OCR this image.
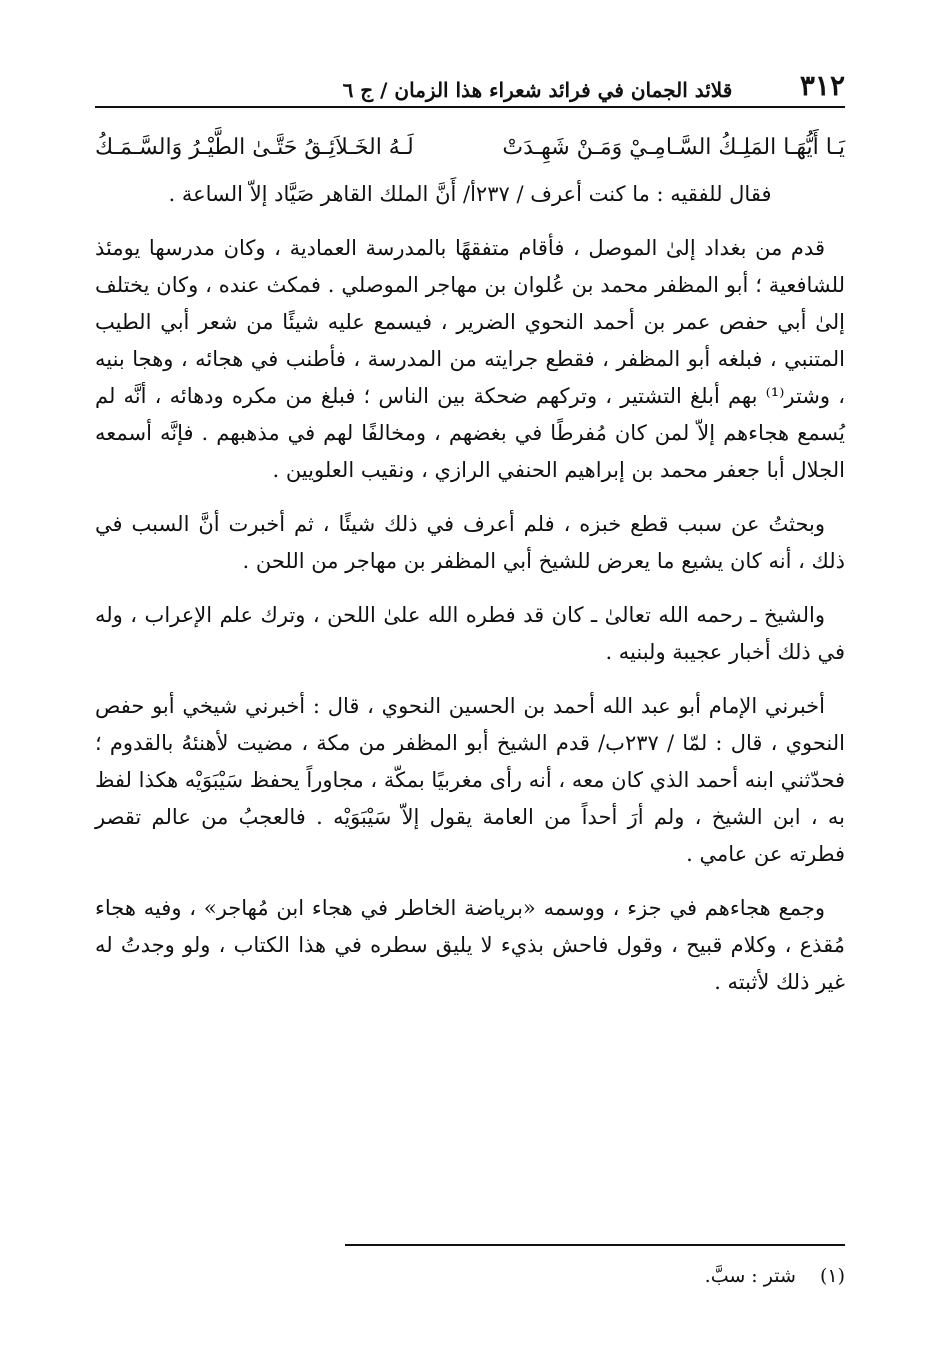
٣١٢
قلائد الجمان في فرائد شعراء هذا الزمان / ج ٦
يَـا أَيُّهَـا المَلِـكُ السَّـامِـيْ وَمَـنْ شَهِـدَتْ
لَـهُ الخَـلاَئِـقُ حَتَّـىٰ الطَّيْـرُ وَالسَّـمَـكُ

فقال للفقيه : ما كنت أعرف / ٢٣٧أ/ أَنَّ الملك القاهر صَيَّاد إلاّ الساعة .

قدم من بغداد إلىٰ الموصل ، فأقام متفقهًا بالمدرسة العمادية ، وكان مدرسها يومئذ للشافعية ؛ أبو المظفر محمد بن عُلوان بن مهاجر الموصلي . فمكث عنده ، وكان يختلف إلىٰ أبي حفص عمر بن أحمد النحوي الضرير ، فيسمع عليه شيئًا من شعر أبي الطيب المتنبي ، فبلغه أبو المظفر ، فقطع جرايته من المدرسة ، فأطنب في هجائه ، وهجا بنيه ، وشتر⁽¹⁾ بهم أبلغ التشتير ، وتركهم ضحكة بين الناس ؛ فبلغ من مكره ودهائه ، أنَّه لم يُسمع هجاءهم إلاّ لمن كان مُفرطًا في بغضهم ، ومخالفًا لهم في مذهبهم . فإنَّه أسمعه الجلال أبا جعفر محمد بن إبراهيم الحنفي الرازي ، ونقيب العلويين .

وبحثتُ عن سبب قطع خبزه ، فلم أعرف في ذلك شيئًا ، ثم أخبرت أنَّ السبب في ذلك ، أنه كان يشيع ما يعرض للشيخ أبي المظفر بن مهاجر من اللحن .

والشيخ ـ رحمه الله تعالىٰ ـ كان قد فطره الله علىٰ اللحن ، وترك علم الإعراب ، وله في ذلك أخبار عجيبة ولبنيه .

أخبرني الإمام أبو عبد الله أحمد بن الحسين النحوي ، قال : أخبرني شيخي أبو حفص النحوي ، قال : لمّا / ٢٣٧ب/ قدم الشيخ أبو المظفر من مكة ، مضيت لأهنئهُ بالقدوم ؛ فحدّثني ابنه أحمد الذي كان معه ، أنه رأى مغربيًا بمكّة ، مجاوراً يحفظ سَيْبَوَيْه هكذا لفظ به ، ابن الشيخ ، ولم أرَ أحداً من العامة يقول إلاّ سَيْبَوَيْه . فالعجبُ من عالم تقصر فطرته عن عامي .

وجمع هجاءهم في جزء ، ووسمه «برياضة الخاطر في هجاء ابن مُهاجر» ، وفيه هجاء مُقذع ، وكلام قبيح ، وقول فاحش بذيء لا يليق سطره في هذا الكتاب ، ولو وجدتُ له غير ذلك لأثبته .

(١) شتر : سبَّ.
